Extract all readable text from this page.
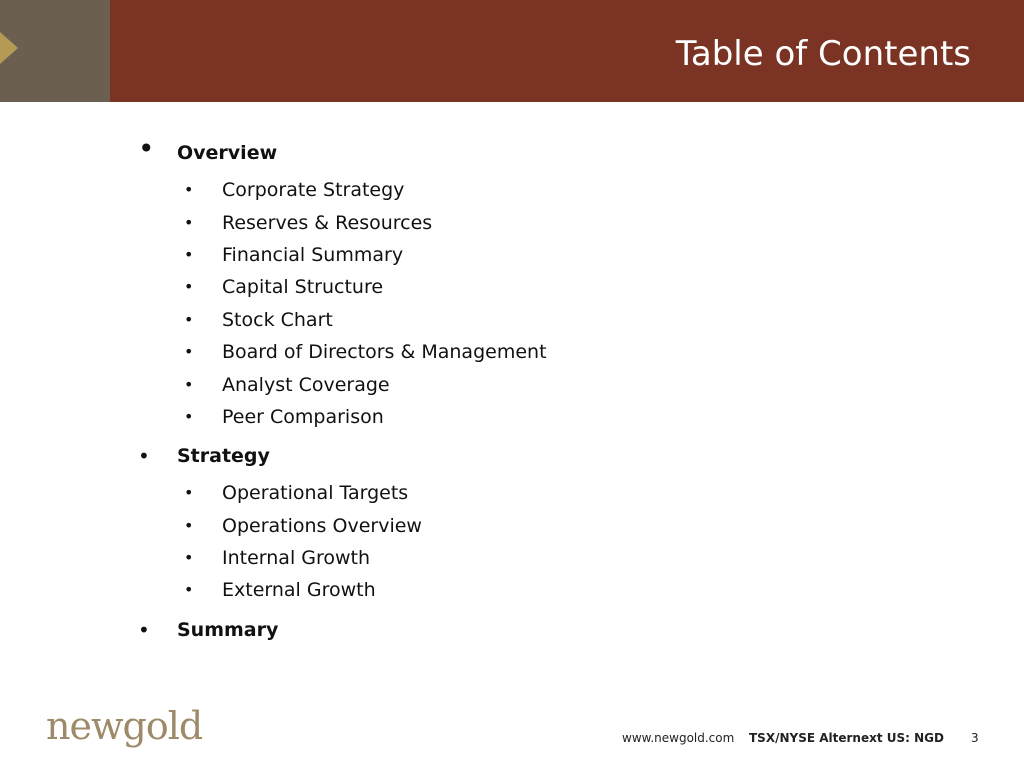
Table of Contents
• Overview
• Corporate Strategy
• Reserves & Resources
• Financial Summary
• Capital Structure
• Stock Chart
• Board of Directors & Management
• Analyst Coverage
• Peer Comparison
•	Strategy
• Operational Targets
• Operations Overview
• Internal Growth
• External Growth
•	Summary
newgold	www.newgold.com TSX/NYSE Alternext US: NGD 3
